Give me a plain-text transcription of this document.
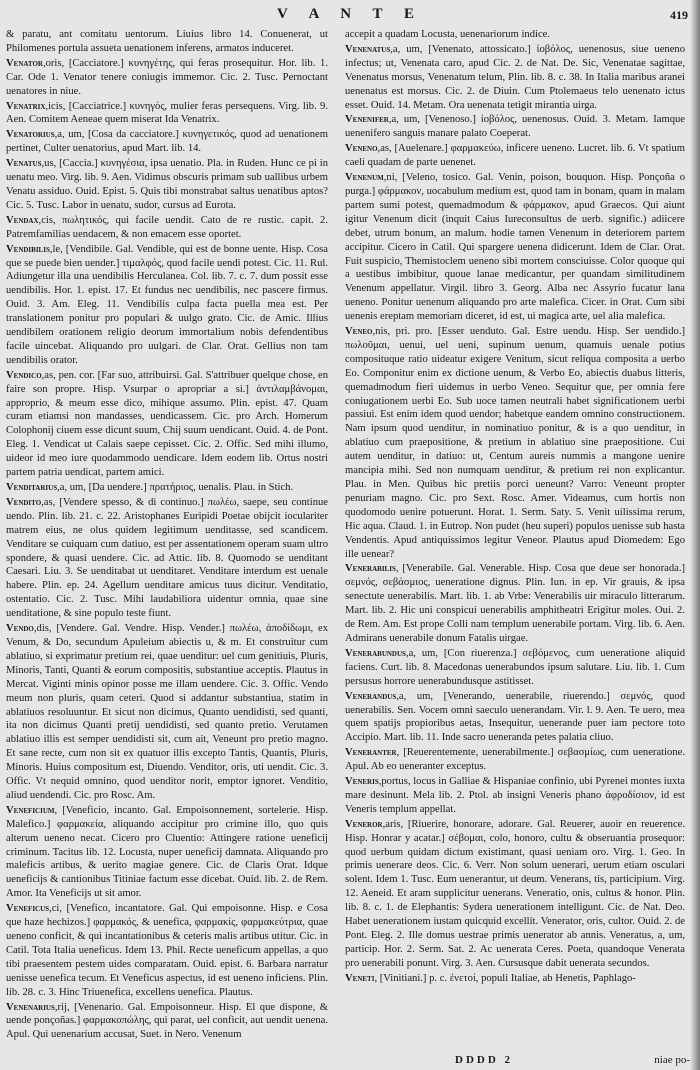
V A N T E	419
& paratu, ant comitatu uentorum. Liuius libro 14. Conuenerat, ut Philomenes portula assueta uenationem inferens, armatos induceret.
Venator,oris, [Cacciatore.] κυνηγέτης, qui feras prosequitur. Hor. lib. 1. Car. Ode 1. Venator tenere coniugis immemor. Cic. 2. Tusc. Pernoctant uenatores in niue.
Venatrix,icis, [Cacciatrice.] κυνηγός, mulier feras persequens. Virg. lib. 9. Aen. Comitem Aeneae quem miserat Ida Venatrix.
Venatorius,a, um, [Cosa da cacciatore.] κυνηγετικός, quod ad uenationem pertinet, Culter uenatorius, apud Mart. lib. 14.
Venatus,us, [Caccia.] κυνηγέσια, ipsa uenatio. Pla. in Ruden. Hunc ce pi in uenatu meo. Virg. lib. 9. Aen. Vidimus obscuris primam sub uallibus urbem Venatu assiduo. Ouid. Epist. 5. Quis tibi monstrabat saltus uenatibus aptos? Cic. 5. Tusc. Labor in uenatu, sudor, cursus ad Eurota.
Vendax,cis, πωλητικός, qui facile uendit. Cato de re rustic. capit. 2. Patremfamilias uendacem, & non emacem esse oportet.
Vendibilis,le, [Vendibile. Gal. Vendible, qui est de bonne uente. Hisp. Cosa que se puede bien uender.] τιμαλφός, quod facile uendi potest. Cic. 11. Rul. Adiungetur illa una uendibilis Herculanea. Col. lib. 7. c. 7. dum possit esse uendibilis. Hor. 1. epist. 17. Et fundus nec uendibilis, nec pascere firmus. Ouid. 3. Am. Eleg. 11. Vendibilis culpa facta puella mea est. Per translationem ponitur pro populari & uulgo grato. Cic. de Amic. Illius uendibilem orationem religio deorum immortalium nobis defendentibus facile uincebat. Aliquando pro uulgari. de Clar. Orat. Gellius non tam uendibilis orator.
Vendico,as, pen. cor. [Far suo, attribuirsi. Gal. S'attribuer quelque chose, en faire son propre. Hisp. Vsurpar o apropriar a si.] ἀντιλαμβάνομαι, approprio, & meum esse dico, mihique assumo. Plin. epist. 47. Quam curam etiamsi non mandasses, uendicassem. Cic. pro Arch. Homerum Colophonij ciuem esse dicunt suum, Chij suum uendicant. Ouid. 4. de Pont. Eleg. 1. Vendicat ut Calais saepe cepisset. Cic. 2. Offic. Sed mihi illumo, uideor id meo iure quodammodo uendicare. Idem eodem lib. Ortus nostri partem patria uendicat, partem amici.
Venditarius,a, um, [Da uendere.] πρατήριος, uenalis. Plau. in Stich.
Vendito,as, [Vendere spesso, & di continuo.] πωλέω, saepe, seu continue uendo. Plin. lib. 21. c. 22. Aristophanes Euripidi Poetae obijcit ioculariter matrem eius, ne olus quidem legitimum uenditasse, sed scandicem. Venditare se cuiquam cum datiuo, est per assentationem operam suam ultro spondere, & quasi uendere. Cic. ad Attic. lib. 8. Quomodo se uenditant Caesari. Liu. 3. Se uenditabat ut uenditaret. Venditare interdum est uenale habere. Plin. ep. 24. Agellum uenditare amicus tuus dicitur. Venditatio, ostentatio. Cic. 2. Tusc. Mihi laudabiliora uidentur omnia, quae sine uenditatione, & sine populo teste fiunt.
Vendo,dis, [Vendere. Gal. Vendre. Hisp. Vender.] πωλέω, ἀποδίδωμι, ex Venum, & Do, secundum Apuleium abiectis u, & m. Et construitur cum ablatiuo, si exprimatur pretium rei, quae uenditur: uel cum genitiuis, Pluris, Minoris, Tanti, Quanti & eorum compositis, substantiue acceptis. Plautus in Mercat. Viginti minis opinor posse me illam uendere. Cic. 3. Offic. Vendo meum non pluris, quam ceteri. Quod si addantur substantiua, statim in ablatiuos resoluuntur. Et sicut non dicimus, Quanto uendidisti, sed quanti, ita non dicimus Quanti pretij uendidisti, sed quanto pretio. Verutamen ablatiuo illis est semper uendidisti sit, cum ait, Veneunt pro pretio magno. Et sane recte, cum non sit ex quatuor illis excepto Tantis, Quantis, Pluris, Minoris. Huius compositum est, Diuendo. Venditor, oris, uti uendit. Cic. 3. Offic. Vt nequid omnino, quod uenditor norit, emptor ignoret. Venditio, aliud uendendi. Cic. pro Rosc. Am.
Veneficium, [Veneficio, incanto. Gal. Empoisonnement, sortelerie. Hisp. Malefico.] φαρμακεία, aliquando accipitur pro crimine illo, quo quis alterum ueneno necat. Cicero pro Cluentio: Attingere ratione ueneficij criminum. Tacitus lib. 12. Locusta, nuper ueneficij damnata. Aliquando pro maleficis artibus, & uerito magiae genere. Cic. de Claris Orat. Idque ueneficijs & cantionibus Titiniae factum esse dicebat. Ouid. lib. 2. de Rem. Amor. Ita Veneficijs ut sit amor.
Veneficus,ci, [Venefico, incantatore. Gal. Qui empoisonne. Hisp. e Cosa que haze hechizos.] φαρμακός, & uenefica, φαρμακίς, φαρμακεύτρια, quae ueneno conficit, & qui incantationibus & ceteris malis artibus utitur. Cic. in Catil. Tota Italia ueneficus. Idem 13. Phil. Recte ueneficum appellas, a quo tibi praesentem pestem uides comparatam. Ouid. epist. 6. Barbara narratur uenisse uenefica tecum. Et Veneficus aspectus, id est ueneno inficiens. Plin. lib. 28. c. 3. Hinc Triuenefica, excellens uenefica. Plautus.
Venenarius,rij, [Venenario. Gal. Empoisonneur. Hisp. El que dispone, & uende ponçoñas.] φαρμακοπώλης, qui parat, uel conficit, aut uendit uenena. Apul. Qui uenenarium accusat, Suet. in Nero. Venenum
accepit a quadam Locusta, uenenariorum indice.
Venenatus,a, um, [Venenato, attossicato.] ἰοβόλος, uenenosus, siue ueneno infectus; ut, Venenata caro, apud Cic. 2. de Nat. De. Sic, Venenatae sagittae, Venenatus morsus, Venenatum telum, Plin. lib. 8. c. 38. In Italia maribus aranei uenenatus est morsus. Cic. 2. de Diuin. Cum Ptolemaeus telo uenenato ictus esset. Ouid. 14. Metam. Ora uenenata tetigit mirantia uirga.
Venenifer,a, um, [Venenoso.] ἰοβόλος, uenenosus. Ouid. 3. Metam. Iamque uenenifero sanguis manare palato Coeperat.
Veneno,as, [Auelenare.] φαρμακεύω, inficere ueneno. Lucret. lib. 6. Vt spatium caeli quadam de parte uenenet.
Venenum,ni, [Veleno, tosico. Gal. Venin, poison, bouquon. Hisp. Ponçoña o purga.] φάρμακον, uocabulum medium est, quod tam in bonam, quam in malam partem sumi potest, quemadmodum & φάρμακον, apud Graecos. Qui aiunt igitur Venenum dicit (inquit Caius Iureconsultus de uerb. signific.) adiicere debet, utrum bonum, an malum. hodie tamen Venenum in deteriorem partem accipitur. Cicero in Catil. Qui spargere uenena didicerunt. Idem de Clar. Orat. Fuit suspicio, Themistoclem ueneno sibi mortem consciuisse. Color quoque qui a uestibus imbibitur, quoue lanae medicantur, per quandam similitudinem Venenum appellatur. Virgil. libro 3. Georg. Alba nec Assyrio fucatur lana ueneno. Ponitur uenenum aliquando pro arte malefica. Cicer. in Orat. Cum sibi uenenis ereptam memoriam diceret, id est, ui magica arte, uel alia malefica.
Veneo,nis, pri. pro. [Esser uenduto. Gal. Estre uendu. Hisp. Ser uendido.] πωλοῦμαι, uenui, uel ueni, supinum uenum, quamuis uenale potius composituque ratio uideatur exigere Venitum, sicut reliqua composita a uerbo Eo. Componitur enim ex dictione uenum, & Verbo Eo, abiectis duabus litteris, quemadmodum fieri uidemus in uerbo Veneo. Sequitur que, per omnia fere coniugationem uerbi Eo. Sub uoce tamen neutrali habet significationem uerbi passiui. Est enim idem quod uendor; habetque eandem omnino constructionem. Nam ipsum quod uenditur, in nominatiuo ponitur, & is a quo uenditur, in ablatiuo cum praepositione, & pretium in ablatiuo sine praepositione. Cui autem uenditur, in datiuo: ut, Centum aureis nummis a mangone uenire mancipia mihi. Sed non numquam uenditur, & pretium rei non explicantur. Plau. in Men. Quibus hic pretiis porci ueneunt? Varro: Veneunt propter penuriam magno. Cic. pro Sext. Rosc. Amer. Videamus, cum hortis non quodomodo uenire potuerunt. Horat. 1. Serm. Saty. 5. Venit uilissima rerum, Hic aqua. Claud. 1. in Eutrop. Non pudet (heu superi) populos uenisse sub hasta Vendentis. Apud antiquissimos legitur Veneor. Plautus apud Diomedem: Ego ille uenear?
Venerabilis, [Venerabile. Gal. Venerable. Hisp. Cosa que deue ser honorada.] σεμνός, σεβάσμιος, ueneratione dignus. Plin. Iun. in ep. Vir grauis, & ipsa senectute uenerabilis. Mart. lib. 1. ab Vrbe: Venerabilis uir miraculo litterarum. Mart. lib. 2. Hic uni conspicui uenerabilis amphitheatri Erigitur moles. Oui. 2. de Rem. Am. Est prope Colli nam templum uenerabile portam. Virg. lib. 6. Aen. Admirans uenerabile donum Fatalis uirgae.
Venerabundus,a, um, [Con riuerenza.] σεβόμενος, cum ueneratione aliquid faciens. Curt. lib. 8. Macedonas uenerabundos ipsum salutare. Liu. lib. 1. Cum persusus horrore uenerabundusque astitisset.
Venerandus,a, um, [Venerando, uenerabile, riuerendo.] σεμνός, quod uenerabilis. Sen. Vocem omni saeculo uenerandam. Vir. l. 9. Aen. Te uero, mea quem spatijs propioribus aetas, Insequitur, uenerande puer iam pectore toto Accipio. Mart. lib. 11. Inde sacro ueneranda petes palatia cliuo.
Veneranter, [Reuerentemente, uenerabilmente.] σεβασμίως, cum ueneratione. Apul. Ab eo ueneranter exceptus.
Veneris,portus, locus in Galliae & Hispaniae confinio, ubi Pyrenei montes iuxta mare desinunt. Mela lib. 2. Ptol. ab insigni Veneris phano ἀφροδίσιον, id est Veneris templum appellat.
Veneror,aris, [Riuerire, honorare, adorare. Gal. Reuerer, auoir en reuerence. Hisp. Honrar y acatar.] σέβομαι, colo, honoro, cultu & obseruantia prosequor: quod uerbum quidam dictum existimant, quasi ueniam oro. Virg. 1. Geo. In primis uenerare deos. Cic. 6. Verr. Non solum uenerari, uerum etiam osculari solent. Idem 1. Tusc. Eum uenerantur, ut deum. Venerans, tis, participium. Virg. 12. Aeneid. Et aram supplicitur uenerans. Veneratio, onis, cultus & honor. Plin. lib. 8. c. 1. de Elephantis: Sydera uenerationem intelligunt. Cic. de Nat. Deo. Habet uenerationem iustam quicquid excellit. Venerator, oris, cultor. Ouid. 2. de Pont. Eleg. 2. Ille domus uestrae primis uenerator ab annis. Veneratus, a, um, particip. Hor. 2. Serm. Sat. 2. Ac uenerata Ceres. Poeta, quandoque Venerata pro uenerabili ponunt. Virg. 3. Aen. Cursusque dabit uenerata secundos.
Veneti, [Vinitiani.] p. c. ἐνετοί, populi Italiae, ab Henetis, Paphlago-
DDDD 2	niae po-
